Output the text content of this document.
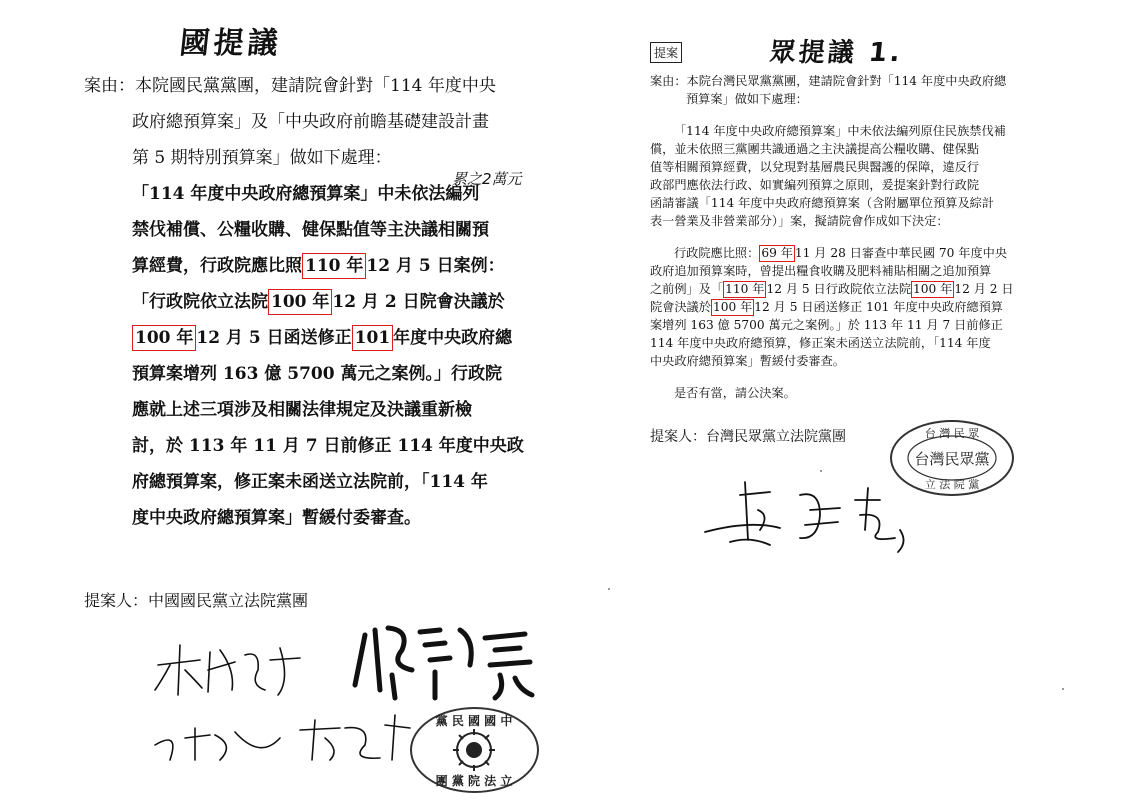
國提議
案由：本院國民黨黨團，建請院會針對「114 年度中央
政府總預算案」及「中央政府前瞻基礎建設計畫
第 5 期特別預算案」做如下處理：
「114 年度中央政府總預算案」中未依法編列
禁伐補償、公糧收購、健保點值等主決議相關預
算經費，行政院應比照 110 年 12 月 5 日案例：
「行政院依立法院 100 年 12 月 2 日院會決議於
100 年 12 月 5 日函送修正 101 年度中央政府總
預算案增列 163 億 5700 萬元之案例。」行政院
應就上述三項涉及相關法律規定及決議重新檢
討，於 113 年 11 月 7 日前修正 114 年度中央政
府總預算案，修正案未函送立法院前，「114 年
度中央政府總預算案」暫緩付委審查。
累之2萬元
提案人：中國國民黨立法院黨團
黨 民 國 國 中
團 黨 院 法 立
提案	眾提議 1.
案由：本院台灣民眾黨黨團，建請院會針對「114 年度中央政府總
預算案」做如下處理：
「114 年度中央政府總預算案」中未依法編列原住民族禁伐補
償，並未依照三黨團共識通過之主決議提高公糧收購、健保點
值等相關預算經費，以兌現對基層農民與醫護的保障，違反行
政部門應依法行政、如實編列預算之原則，爰提案針對行政院
函請審議「114 年度中央政府總預算案（含附屬單位預算及綜計
表一營業及非營業部分）」案，擬請院會作成如下決定：
行政院應比照： 69 年 11 月 28 日審查中華民國 70 年度中央
政府追加預算案時，曾提出糧食收購及肥料補貼相關之追加預算
之前例」及「 110 年 12 月 5 日行政院依立法院 100 年 12 月 2 日
院會決議於 100 年 12 月 5 日函送修正 101 年度中央政府總預算
案增列 163 億 5700 萬元之案例。」於 113 年 11 月 7 日前修正
114 年度中央政府總預算，修正案未函送立法院前，「114 年度
中央政府總預算案」暫緩付委審查。
是否有當，請公決案。
提案人：台灣民眾黨立法院黨團	台 灣 民 眾
台灣民眾黨
立 法 院 黨
